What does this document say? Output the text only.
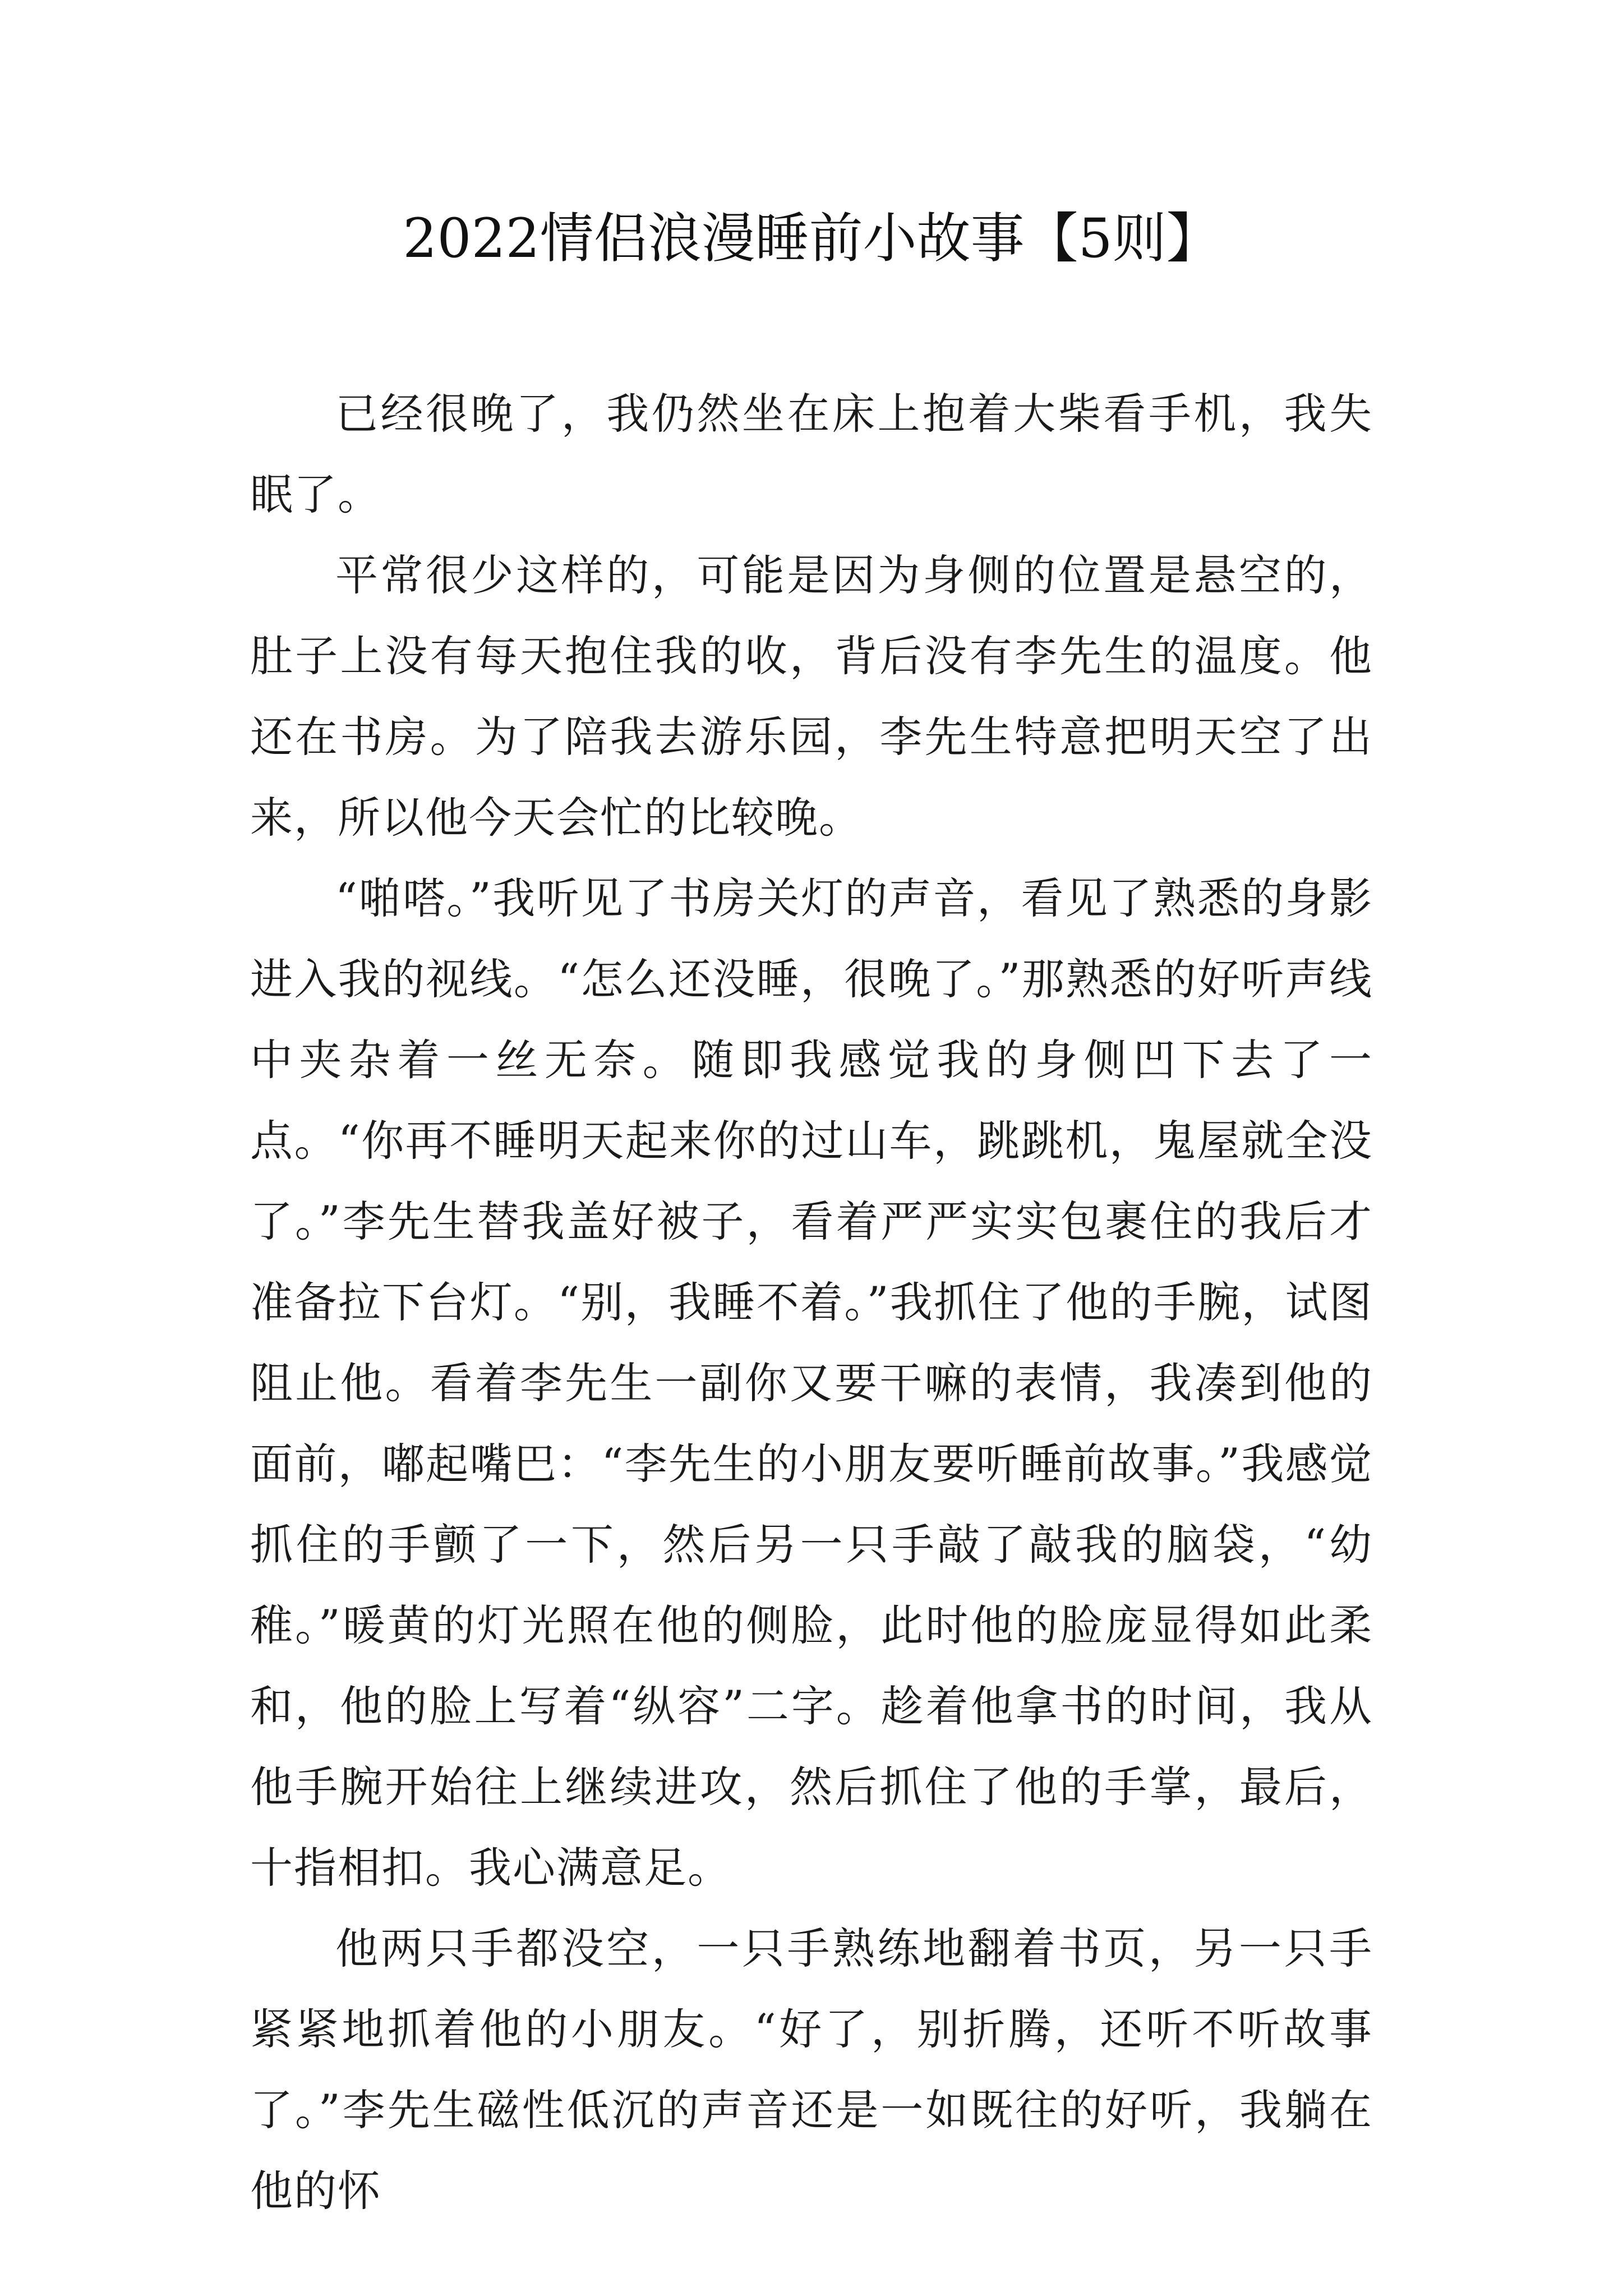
2022情侣浪漫睡前小故事【5则】

已经很晚了，我仍然坐在床上抱着大柴看手机，我失眠了。

平常很少这样的，可能是因为身侧的位置是悬空的，肚子上没有每天抱住我的收，背后没有李先生的温度。他还在书房。为了陪我去游乐园，李先生特意把明天空了出来，所以他今天会忙的比较晚。

“啪嗒。”我听见了书房关灯的声音，看见了熟悉的身影进入我的视线。“怎么还没睡，很晚了。”那熟悉的好听声线中夹杂着一丝无奈。随即我感觉我的身侧凹下去了一点。“你再不睡明天起来你的过山车，跳跳机，鬼屋就全没了。”李先生替我盖好被子，看着严严实实包裹住的我后才准备拉下台灯。“别，我睡不着。”我抓住了他的手腕，试图阻止他。看着李先生一副你又要干嘛的表情，我凑到他的面前，嘟起嘴巴：“李先生的小朋友要听睡前故事。”我感觉抓住的手颤了一下，然后另一只手敲了敲我的脑袋，“幼稚。”暖黄的灯光照在他的侧脸，此时他的脸庞显得如此柔和，他的脸上写着“纵容”二字。趁着他拿书的时间，我从他手腕开始往上继续进攻，然后抓住了他的手掌，最后，十指相扣。我心满意足。

他两只手都没空，一只手熟练地翻着书页，另一只手紧紧地抓着他的小朋友。“好了，别折腾，还听不听故事了。”李先生磁性低沉的声音还是一如既往的好听，我躺在他的怀
